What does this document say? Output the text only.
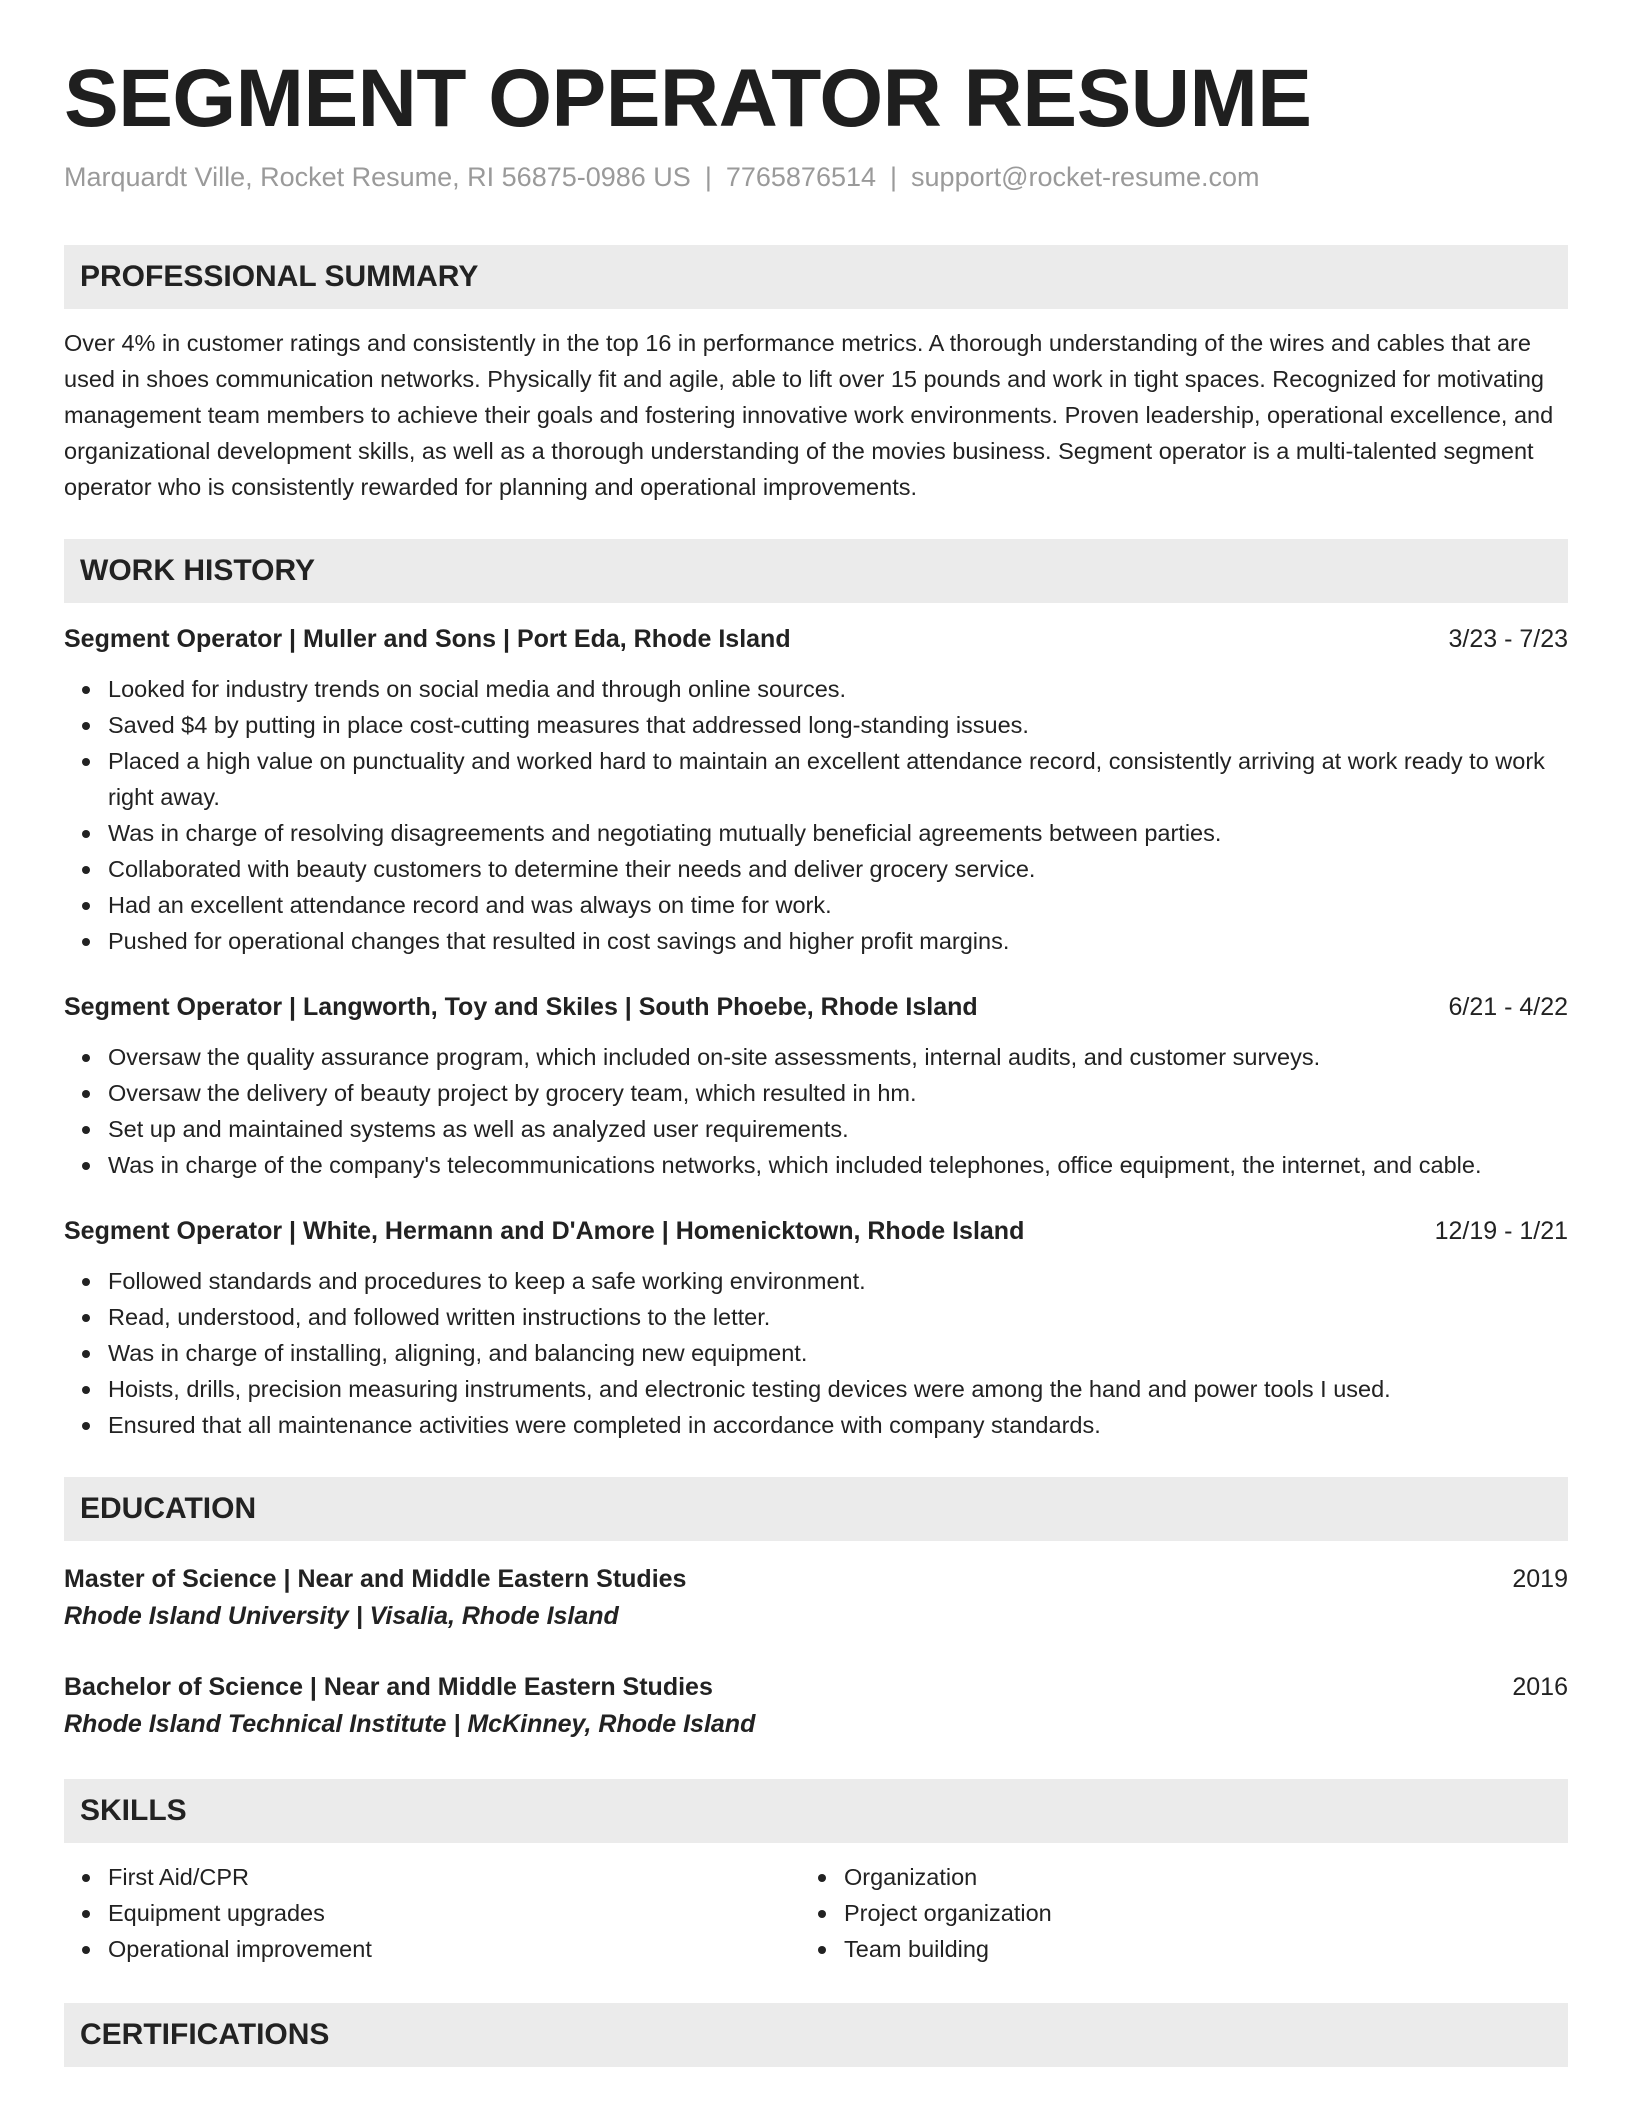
SEGMENT OPERATOR RESUME
Marquardt Ville, Rocket Resume, RI 56875-0986 US | 7765876514 | support@rocket-resume.com
PROFESSIONAL SUMMARY

Over 4% in customer ratings and consistently in the top 16 in performance metrics. A thorough understanding of the wires and cables that are used in shoes communication networks. Physically fit and agile, able to lift over 15 pounds and work in tight spaces. Recognized for motivating management team members to achieve their goals and fostering innovative work environments. Proven leadership, operational excellence, and organizational development skills, as well as a thorough understanding of the movies business. Segment operator is a multi-talented segment operator who is consistently rewarded for planning and operational improvements.

WORK HISTORY
Segment Operator | Muller and Sons | Port Eda, Rhode Island	3/23 - 7/23
Looked for industry trends on social media and through online sources.
Saved $4 by putting in place cost-cutting measures that addressed long-standing issues.
Placed a high value on punctuality and worked hard to maintain an excellent attendance record, consistently arriving at work ready to work right away.
Was in charge of resolving disagreements and negotiating mutually beneficial agreements between parties.
Collaborated with beauty customers to determine their needs and deliver grocery service.
Had an excellent attendance record and was always on time for work.
Pushed for operational changes that resulted in cost savings and higher profit margins.
Segment Operator | Langworth, Toy and Skiles | South Phoebe, Rhode Island	6/21 - 4/22
Oversaw the quality assurance program, which included on-site assessments, internal audits, and customer surveys.
Oversaw the delivery of beauty project by grocery team, which resulted in hm.
Set up and maintained systems as well as analyzed user requirements.
Was in charge of the company's telecommunications networks, which included telephones, office equipment, the internet, and cable.
Segment Operator | White, Hermann and D'Amore | Homenicktown, Rhode Island	12/19 - 1/21
Followed standards and procedures to keep a safe working environment.
Read, understood, and followed written instructions to the letter.
Was in charge of installing, aligning, and balancing new equipment.
Hoists, drills, precision measuring instruments, and electronic testing devices were among the hand and power tools I used.
Ensured that all maintenance activities were completed in accordance with company standards.
EDUCATION
Master of Science | Near and Middle Eastern Studies	2019
Rhode Island University | Visalia, Rhode Island
Bachelor of Science | Near and Middle Eastern Studies	2016
Rhode Island Technical Institute | McKinney, Rhode Island
SKILLS
First Aid/CPR
Equipment upgrades
Operational improvement
Organization
Project organization
Team building
CERTIFICATIONS
